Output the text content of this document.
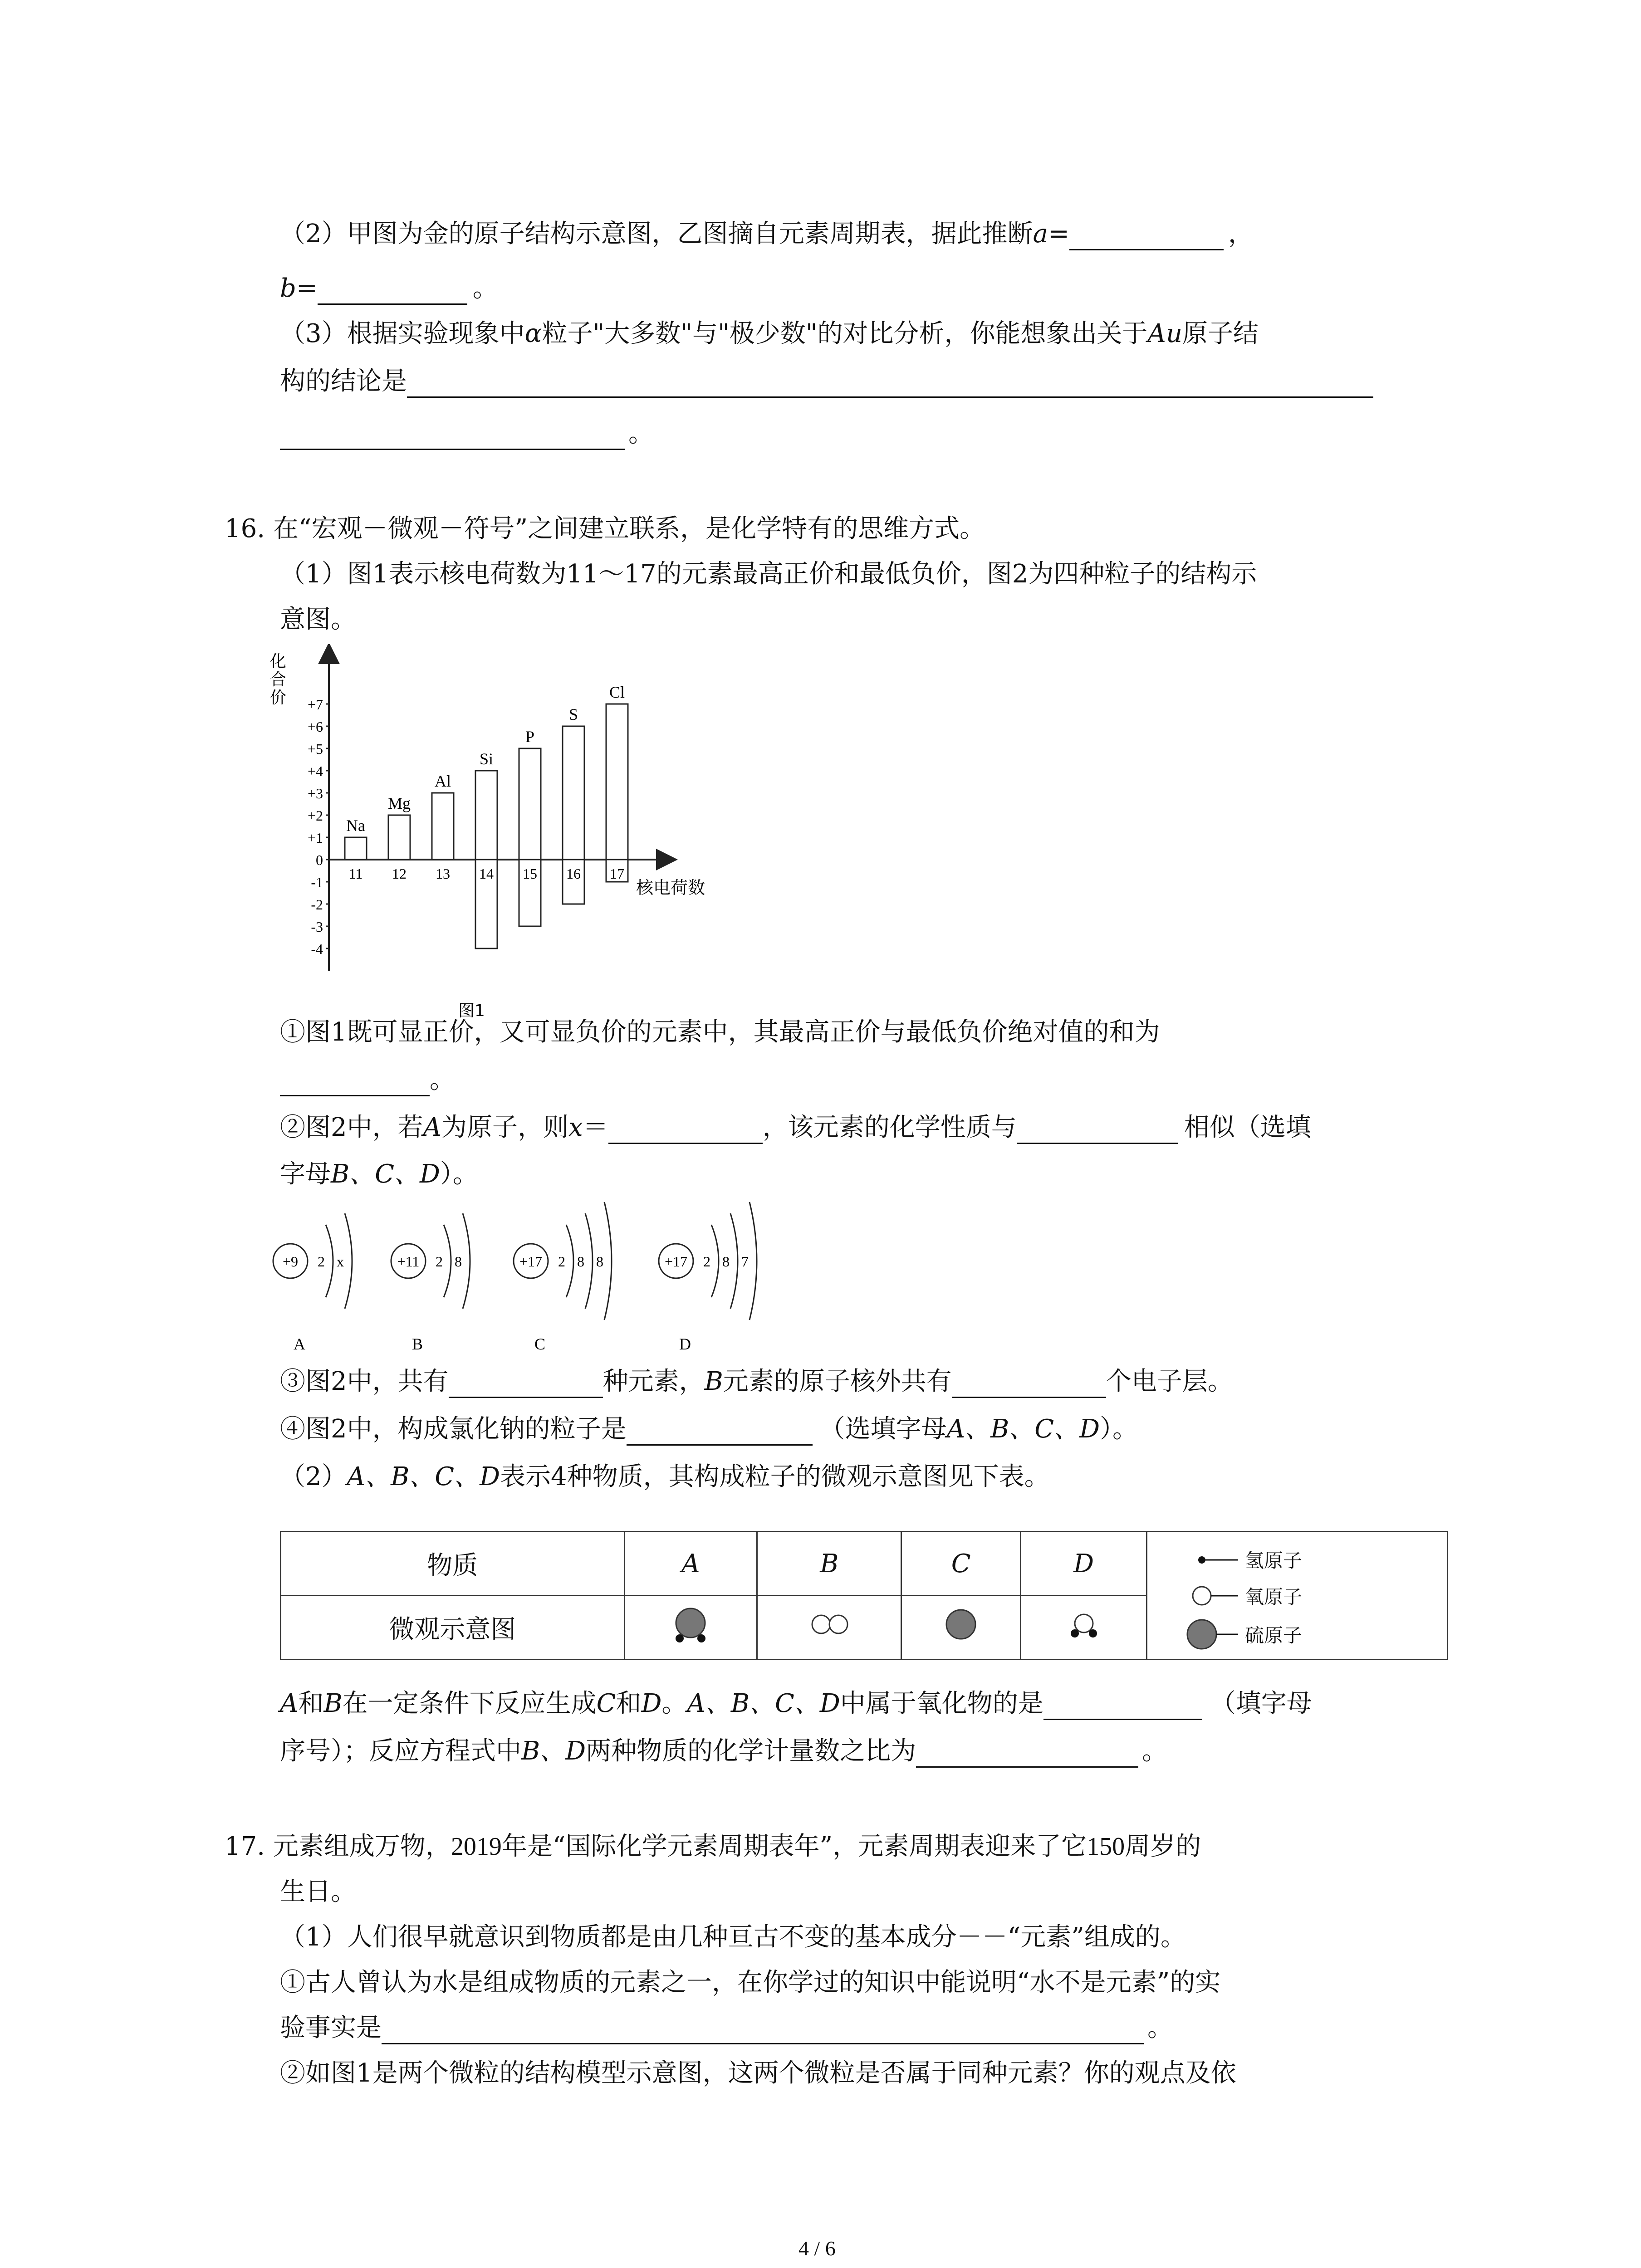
（2）甲图为金的原子结构示意图，乙图摘自元素周期表，据此推断a=	，
b=	。
（3）根据实验现象中α粒子"大多数"与"极少数"的对比分析，你能想象出关于Au原子结
构的结论是
。
16. 在“宏观－微观－符号”之间建立联系，是化学特有的思维方式。
（1）图1表示核电荷数为11～17的元素最高正价和最低负价，图2为四种粒子的结构示
意图。
化
合
价 +7
+6
+5
+4
+3
+2
+1
0
-1
-2
-3
-4
Na
11
Mg
12
Al
13
Si
14
P
15
S
16
Cl
17
核电荷数
图1
①图1既可显正价，又可显负价的元素中，其最高正价与最低负价绝对值的和为
。
②图2中，若A为原子，则x＝	，该元素的化学性质与	相似（选填
字母B、C、D）。
+9 2 x
A
+11 2 8
B
+17 2 8 8
C
+17 2 8 7
D
③图2中，共有	种元素，B元素的原子核外共有	个电子层。
④图2中，构成氯化钠的粒子是	（选填字母A、B、C、D）。
（2）A、B、C、D表示4种物质，其构成粒子的微观示意图见下表。
物质	A	B	C	D	氢原子
氧原子
硫原子

微观示意图				
A和B在一定条件下反应生成C和D。A、B、C、D中属于氧化物的是	（填字母
序号）；反应方程式中B、D两种物质的化学计量数之比为	。
17. 元素组成万物，2019年是“国际化学元素周期表年”，元素周期表迎来了它150周岁的
生日。
（1）人们很早就意识到物质都是由几种亘古不变的基本成分－－“元素”组成的。
①古人曾认为水是组成物质的元素之一，在你学过的知识中能说明“水不是元素”的实
验事实是	。
②如图1是两个微粒的结构模型示意图，这两个微粒是否属于同种元素？你的观点及依
4 / 6
